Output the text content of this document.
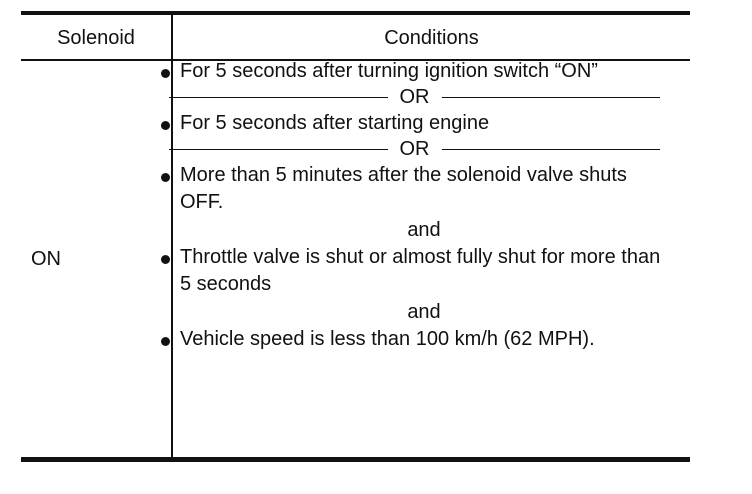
Solenoid	Conditions
ON
For 5 seconds after turning ignition switch “ON”
OR
For 5 seconds after starting engine
OR
More than 5 minutes after the solenoid valve shuts OFF.
and
Throttle valve is shut or almost fully shut for more than 5 seconds
and
Vehicle speed is less than 100 km/h (62 MPH).
